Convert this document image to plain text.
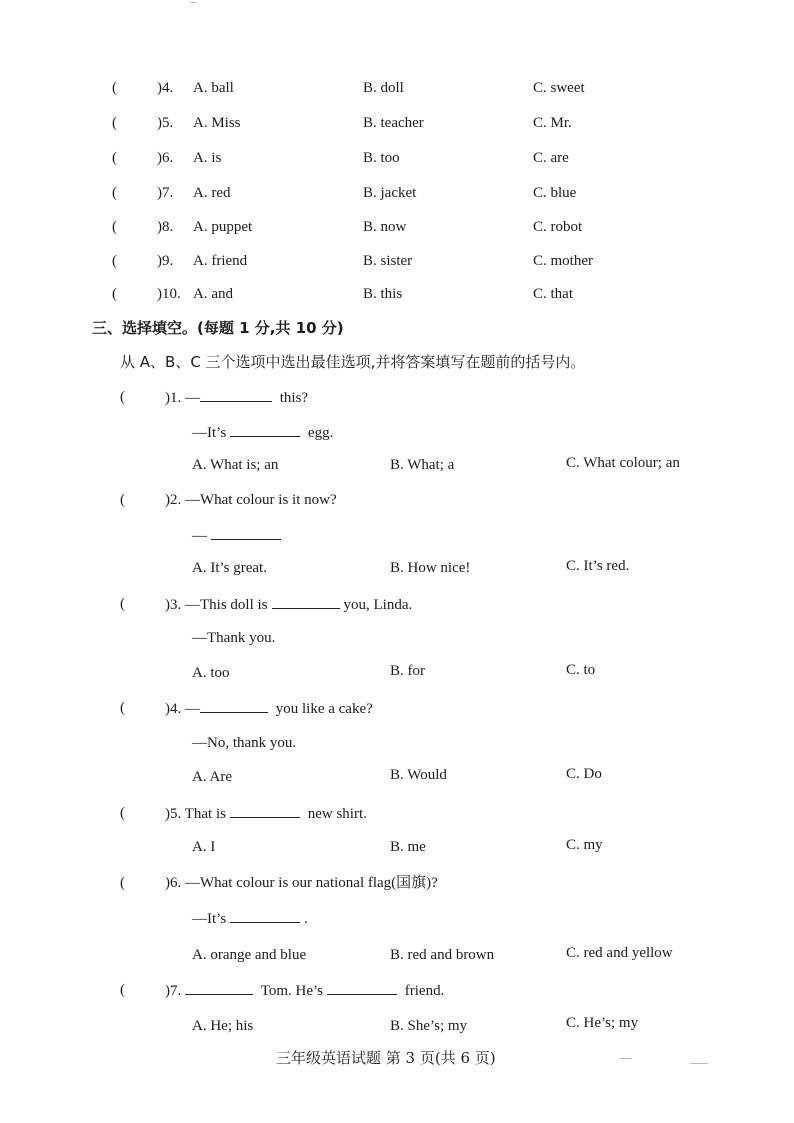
(	)4. A. ball	B. doll	C. sweet
(	)5. A. Miss	B. teacher	C. Mr.
(	)6. A. is	B. too	C. are
(	)7. A. red	B. jacket	C. blue
(	)8. A. puppet	B. now	C. robot
(	)9. A. friend	B. sister	C. mother
(	)10. A. and	B. this	C. that
三、选择填空。(每题 1 分,共 10 分)
从 A、B、C 三个选项中选出最佳选项,并将答案填写在题前的括号内。
(	)1. —	this?
—It’s	egg.
A. What is; an	B. What; a	C. What colour; an
(	)2. —What colour is it now?
—
A. It’s great.	B. How nice!	C. It’s red.
(	)3. —This doll is	you, Linda.
—Thank you.
A. too	B. for	C. to
(	)4. —	you like a cake?
—No, thank you.
A. Are	B. Would	C. Do
(	)5. That is	new shirt.
A. I	B. me	C. my
(	)6. —What colour is our national flag(国旗)?
—It’s	.
A. orange and blue	B. red and brown	C. red and yellow
(	)7.	Tom. He’s	friend.
A. He; his	B. She’s; my	C. He’s; my
三年级英语试题 第 3 页(共 6 页)
